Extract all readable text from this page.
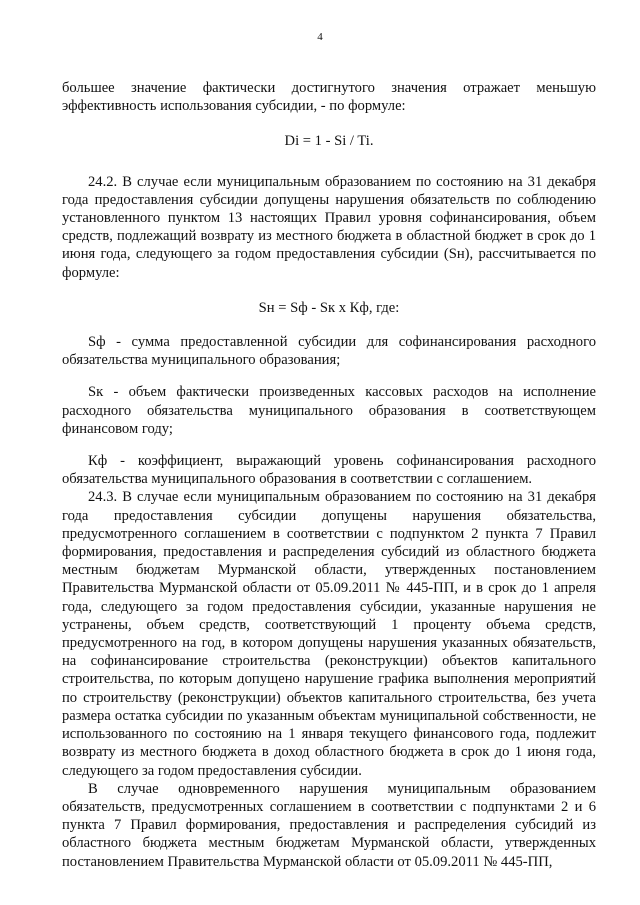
4

большее значение фактически достигнутого значения отражает меньшую эффективность использования субсидии, - по формуле:

Di = 1 - Si / Ti.

24.2. В случае если муниципальным образованием по состоянию на 31 декабря года предоставления субсидии допущены нарушения обязательств по соблюдению установленного пунктом 13 настоящих Правил уровня софинансирования, объем средств, подлежащий возврату из местного бюджета в областной бюджет в срок до 1 июня года, следующего за годом предоставления субсидии (Sн), рассчитывается по формуле:

Sн = Sф - Sк x Кф, где:

Sф - сумма предоставленной субсидии для софинансирования расходного обязательства муниципального образования;

Sк - объем фактически произведенных кассовых расходов на исполнение расходного обязательства муниципального образования в соответствующем финансовом году;

Кф - коэффициент, выражающий уровень софинансирования расходного обязательства муниципального образования в соответствии с соглашением.

24.3. В случае если муниципальным образованием по состоянию на 31 декабря года предоставления субсидии допущены нарушения обязательства, предусмотренного соглашением в соответствии с подпунктом 2 пункта 7 Правил формирования, предоставления и распределения субсидий из областного бюджета местным бюджетам Мурманской области, утвержденных постановлением Правительства Мурманской области от 05.09.2011 № 445-ПП, и в срок до 1 апреля года, следующего за годом предоставления субсидии, указанные нарушения не устранены, объем средств, соответствующий 1 проценту объема средств, предусмотренного на год, в котором допущены нарушения указанных обязательств, на софинансирование строительства (реконструкции) объектов капитального строительства, по которым допущено нарушение графика выполнения мероприятий по строительству (реконструкции) объектов капитального строительства, без учета размера остатка субсидии по указанным объектам муниципальной собственности, не использованного по состоянию на 1 января текущего финансового года, подлежит возврату из местного бюджета в доход областного бюджета в срок до 1 июня года, следующего за годом предоставления субсидии.

В случае одновременного нарушения муниципальным образованием обязательств, предусмотренных соглашением в соответствии с подпунктами 2 и 6 пункта 7 Правил формирования, предоставления и распределения субсидий из областного бюджета местным бюджетам Мурманской области, утвержденных постановлением Правительства Мурманской области от 05.09.2011 № 445-ПП,
